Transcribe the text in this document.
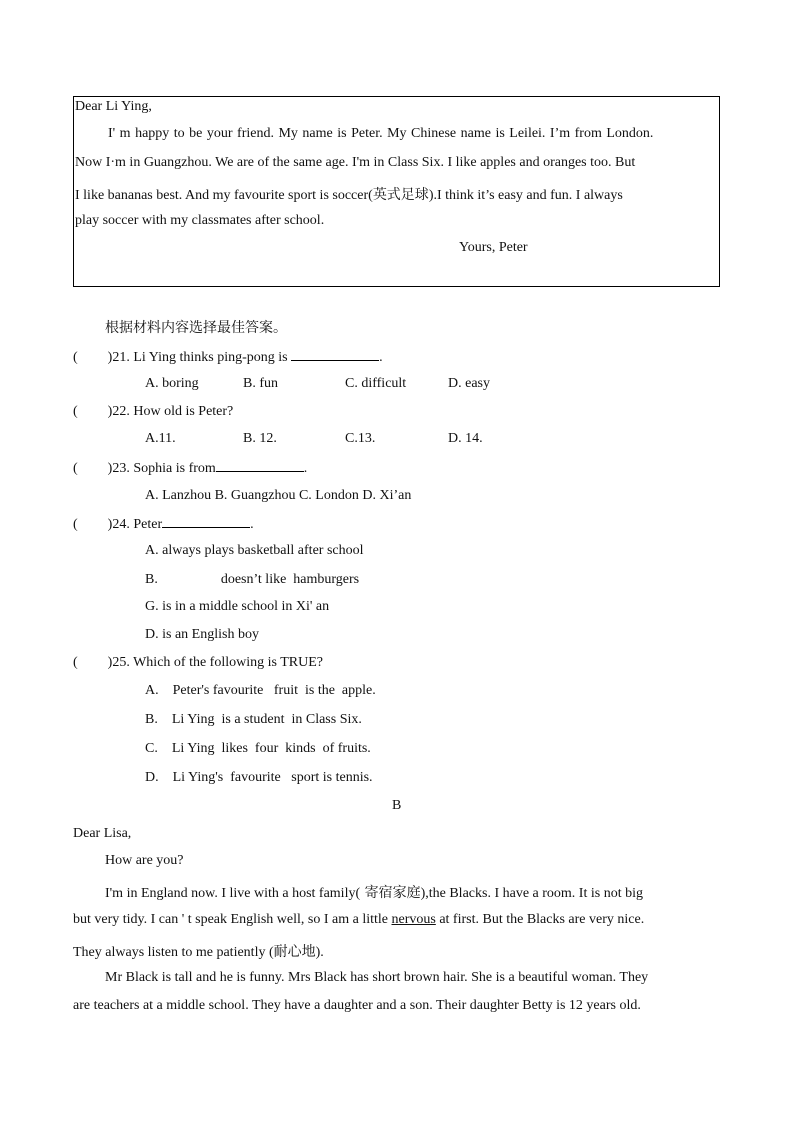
Dear Li Ying,
I' m happy to be your friend. My name is Peter. My Chinese name is Leilei. I’m from London.
Now I·m in Guangzhou. We are of the same age. I'm in Class Six. I like apples and oranges too. But
I like bananas best. And my favourite sport is soccer(英式足球).I think it’s easy and fun. I always
play soccer with my classmates after school.
Yours, Peter
根据材料内容选择最佳答案。
( )21. Li Ying thinks ping-pong is	.
A. boring	B. fun	C. difficult	D. easy
( )22. How old is Peter?
A.11.	B. 12.	C.13.	D. 14.
( )23. Sophia is from	.
A. Lanzhou B. Guangzhou C. London D. Xi’an
( )24. Peter	.
A. always plays basketball after school
B.                  doesn’t like  hamburgers
G. is in a middle school in Xi' an
D. is an English boy
( )25. Which of the following is TRUE?
A.    Peter's favourite   fruit  is the  apple.
B.    Li Ying  is a student  in Class Six.
C.    Li Ying  likes  four  kinds  of fruits.
D.    Li Ying's  favourite   sport is tennis.
B
Dear Lisa,
How are you?
I'm in England now. I live with a host family( 寄宿家庭),the Blacks. I have a room. It is not big
but very tidy. I can ' t speak English well, so I am a little nervous at first. But the Blacks are very nice.
They always listen to me patiently (耐心地).
Mr Black is tall and he is funny. Mrs Black has short brown hair. She is a beautiful woman. They
are teachers at a middle school. They have a daughter and a son. Their daughter Betty is 12 years old.
